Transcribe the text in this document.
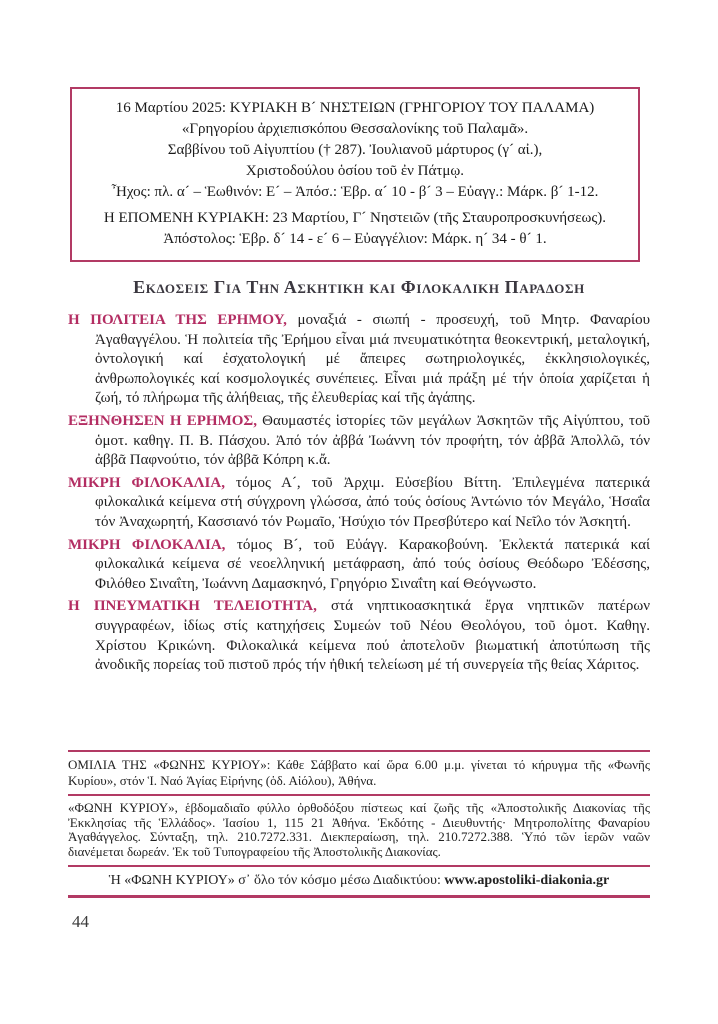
16 Μαρτίου 2025: ΚΥΡΙΑΚΗ Β´ ΝΗΣΤΕΙΩΝ (ΓΡΗΓΟΡΙΟΥ ΤΟΥ ΠΑΛΑΜΑ)
«Γρηγορίου ἀρχιεπισκόπου Θεσσαλονίκης τοῦ Παλαμᾶ».
Σαββίνου τοῦ Αἰγυπτίου († 287). Ἰουλιανοῦ μάρτυρος (γ´ αἰ.),
Χριστοδούλου ὁσίου τοῦ ἐν Πάτμῳ.
Ἦχος: πλ. α´ – Ἑωθινόν: Ε´ – Ἀπόσ.: Ἑβρ. α´ 10 - β´ 3 – Εὐαγγ.: Μάρκ. β´ 1-12.
Η ΕΠΟΜΕΝΗ ΚΥΡΙΑΚΗ: 23 Μαρτίου, Γ´ Νηστειῶν (τῆς Σταυροπροσκυνήσεως).
Ἀπόστολος: Ἑβρ. δ´ 14 - ε´ 6 – Εὐαγγέλιον: Μάρκ. η´ 34 - θ´ 1.
Εκδοσεις Για Την Ασκητικη και Φιλοκαλικη Παραδοση

Η ΠΟΛΙΤΕΙΑ ΤΗΣ ΕΡΗΜΟΥ, μοναξιά - σιωπή - προσευχή, τοῦ Μητρ. Φαναρίου Ἀγαθαγγέλου. Ἡ πολιτεία τῆς Ἐρήμου εἶναι μιά πνευματικότητα θεοκεντρική, μεταλογική, ὀντολογική καί ἐσχατολογική μέ ἄπειρες σωτηριολογικές, ἐκκλησιολογικές, ἀνθρωπολογικές καί κοσμολογικές συνέπειες. Εἶναι μιά πράξη μέ τήν ὁποία χαρίζεται ἡ ζωή, τό πλήρωμα τῆς ἀλήθειας, τῆς ἐλευθερίας καί τῆς ἀγάπης.

ΕΞΗΝΘΗΣΕΝ Η ΕΡΗΜΟΣ, Θαυμαστές ἱστορίες τῶν μεγάλων Ἀσκητῶν τῆς Αἰγύπτου, τοῦ ὁμοτ. καθηγ. Π. Β. Πάσχου. Ἀπό τόν ἀββά Ἰωάννη τόν προφήτη, τόν ἀββᾶ Ἀπολλῶ, τόν ἀββᾶ Παφνούτιο, τόν ἀββᾶ Κόπρη κ.ἄ.

ΜΙΚΡΗ ΦΙΛΟΚΑΛΙΑ, τόμος Α´, τοῦ Ἀρχιμ. Εὐσεβίου Βίττη. Ἐπιλεγμένα πατερικά φιλοκαλικά κείμενα στή σύγχρονη γλώσσα, ἀπό τούς ὁσίους Ἀντώνιο τόν Μεγάλο, Ἡσαΐα τόν Ἀναχωρητή, Κασσιανό τόν Ρωμαῖο, Ἡσύχιο τόν Πρεσβύτερο καί Νεῖλο τόν Ἀσκητή.

ΜΙΚΡΗ ΦΙΛΟΚΑΛΙΑ, τόμος Β´, τοῦ Εὐάγγ. Καρακοβούνη. Ἐκλεκτά πατερικά καί φιλοκαλικά κείμενα σέ νεοελληνική μετάφραση, ἀπό τούς ὁσίους Θεόδωρο Ἐδέσσης, Φιλόθεο Σιναΐτη, Ἰωάννη Δαμασκηνό, Γρηγόριο Σιναΐτη καί Θεόγνωστο.

Η ΠΝΕΥΜΑΤΙΚΗ ΤΕΛΕΙΟΤΗΤΑ, στά νηπτικοασκητικά ἔργα νηπτικῶν πατέρων συγγραφέων, ἰδίως στίς κατηχήσεις Συμεών τοῦ Νέου Θεολόγου, τοῦ ὁμοτ. Καθηγ. Χρίστου Κρικώνη. Φιλοκαλικά κείμενα πού ἀποτελοῦν βιωματική ἀποτύπωση τῆς ἀνοδικῆς πορείας τοῦ πιστοῦ πρός τήν ἠθική τελείωση μέ τή συνεργεία τῆς θείας Χάριτος.

ΟΜΙΛΙΑ ΤΗΣ «ΦΩΝΗΣ ΚΥΡΙΟΥ»: Κάθε Σάββατο καί ὥρα 6.00 μ.μ. γίνεται τό κήρυγμα τῆς «Φωνῆς Κυρίου», στόν Ἱ. Ναό Ἁγίας Εἰρήνης (ὁδ. Αἰόλου), Ἀθήνα.
«ΦΩΝΗ ΚΥΡΙΟΥ», ἑβδομαδιαῖο φύλλο ὀρθοδόξου πίστεως καί ζωῆς τῆς «Ἀποστολικῆς Διακονίας τῆς Ἐκκλησίας τῆς Ἑλλάδος». Ἰασίου 1, 115 21 Ἀθήνα. Ἐκδότης - Διευθυντής· Μητροπολίτης Φαναρίου Ἀγαθάγγελος. Σύνταξη, τηλ. 210.7272.331. Διεκπεραίωση, τηλ. 210.7272.388. Ὑπό τῶν ἱερῶν ναῶν διανέμεται δωρεάν. Ἐκ τοῦ Τυπογραφείου τῆς Ἀποστολικῆς Διακονίας.
Ἡ «ΦΩΝΗ ΚΥΡΙΟΥ» σ᾽ ὅλο τόν κόσμο μέσω Διαδικτύου: www.apostoliki-diakonia.gr
44
